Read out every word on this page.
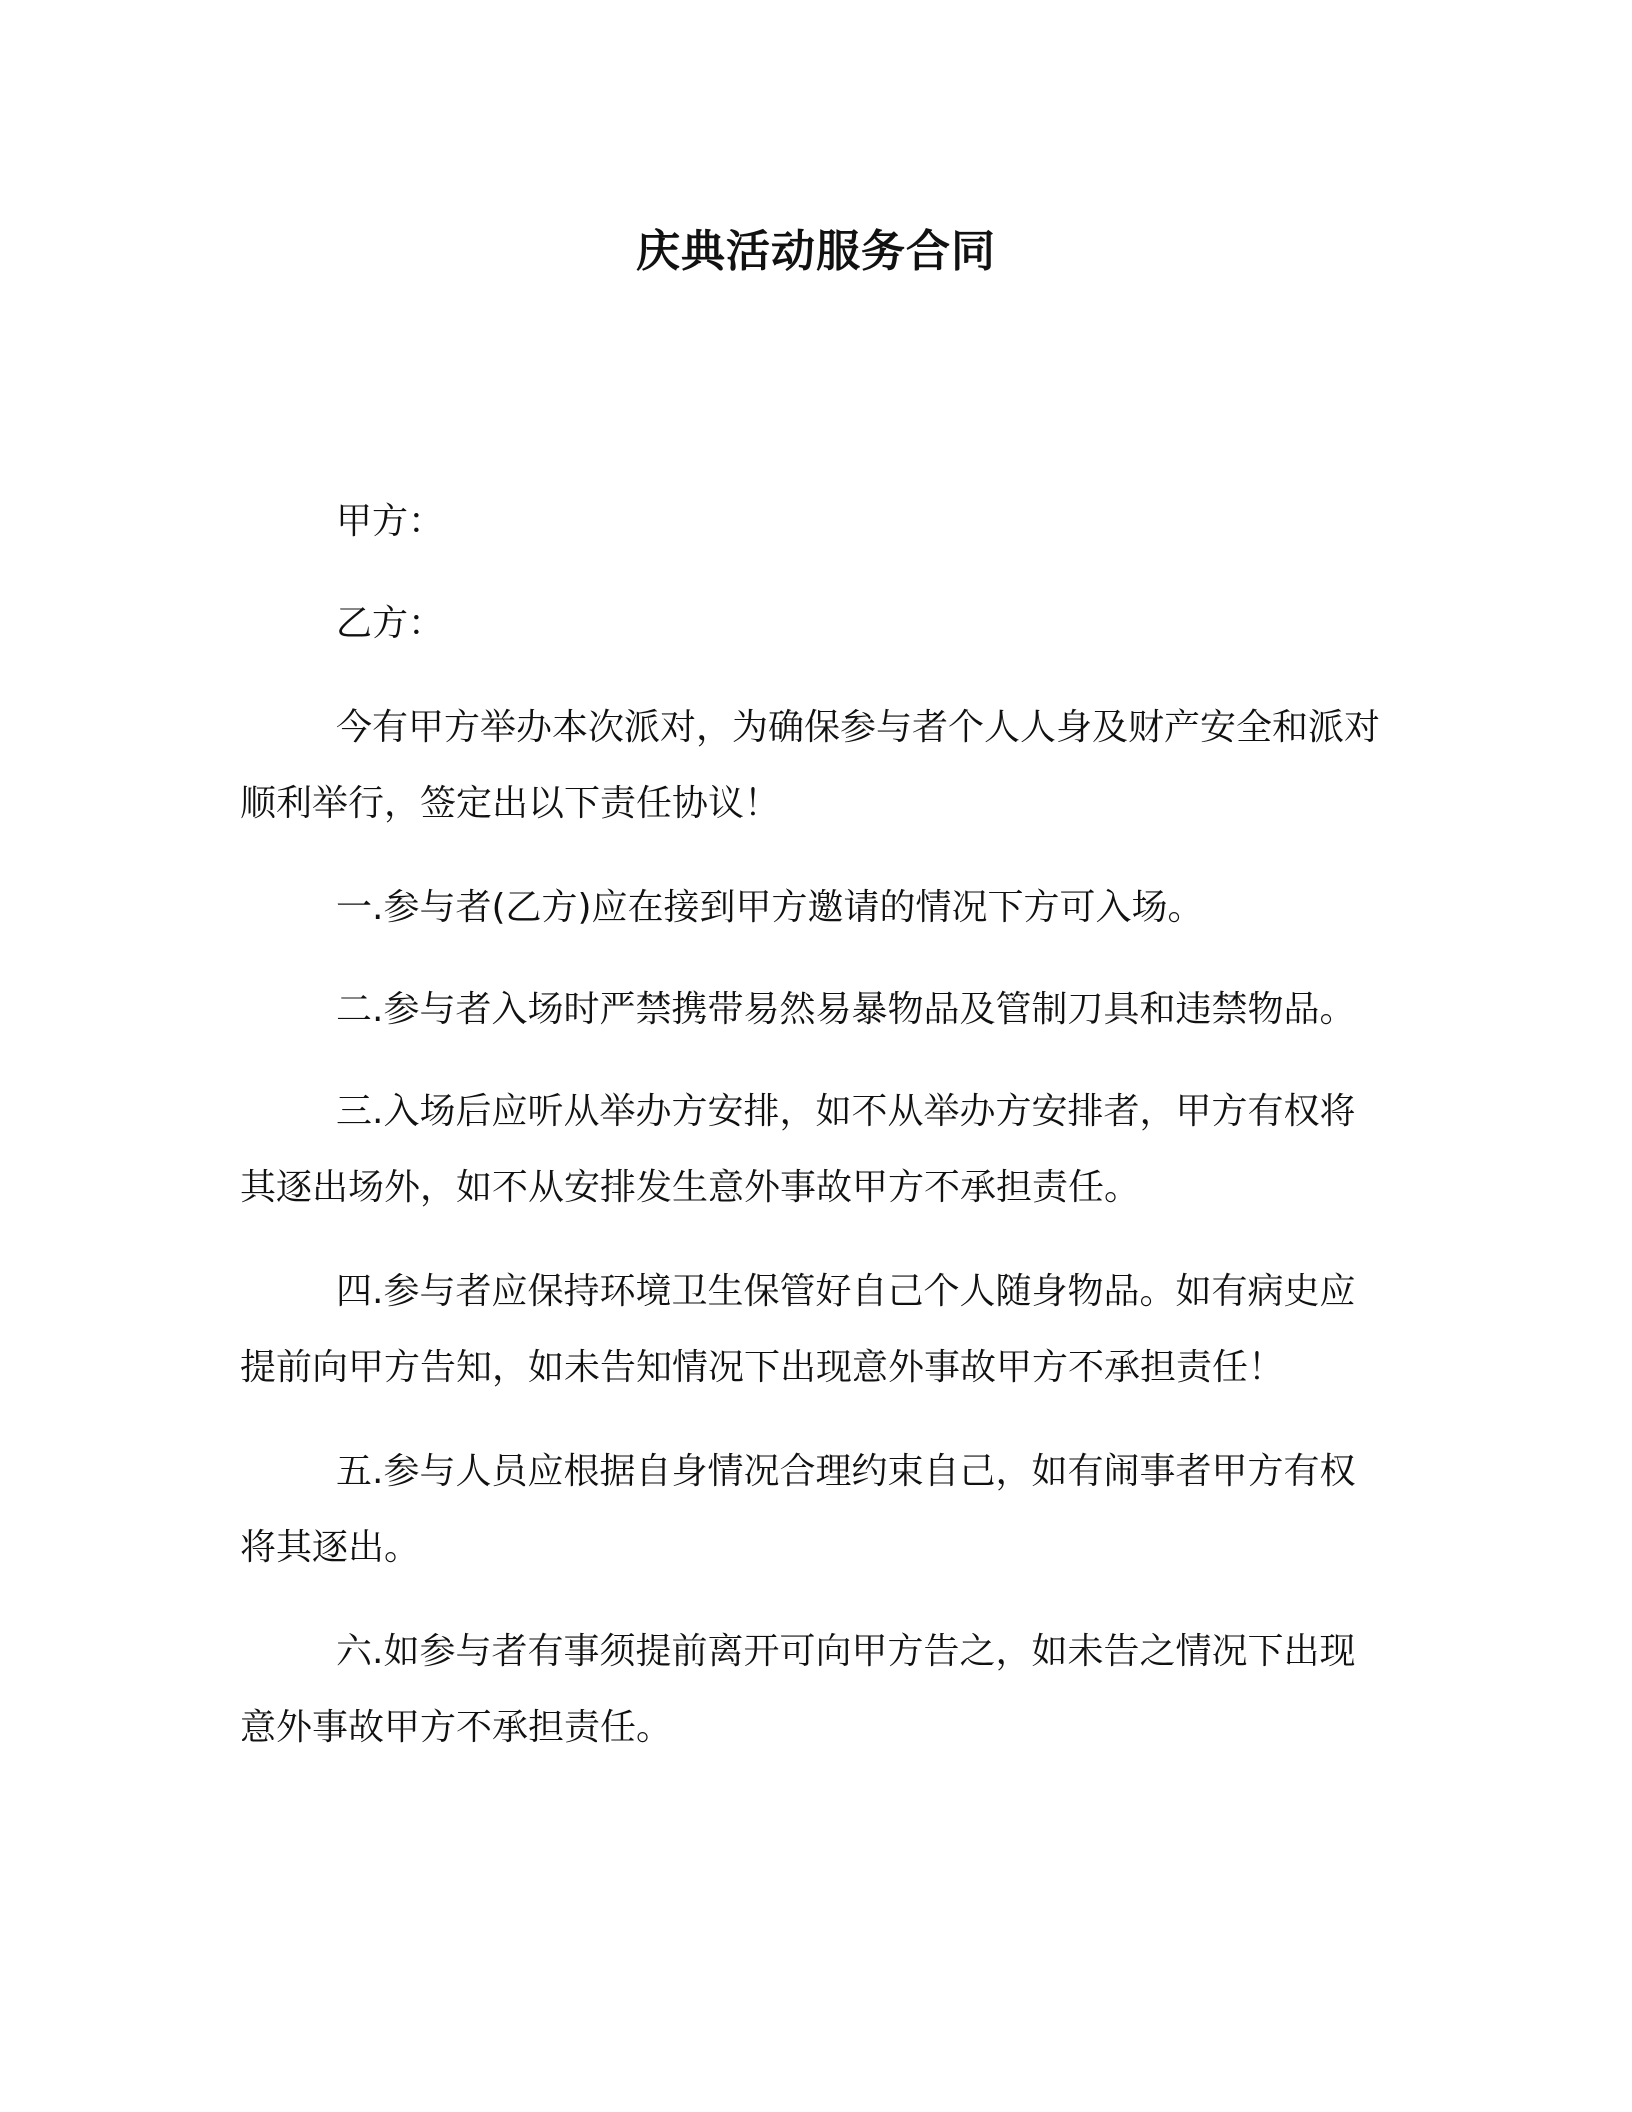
庆典活动服务合同

甲方：

乙方：

今有甲方举办本次派对，为确保参与者个人人身及财产安全和派对顺利举行，签定出以下责任协议！

一.参与者(乙方)应在接到甲方邀请的情况下方可入场。

二.参与者入场时严禁携带易然易暴物品及管制刀具和违禁物品。

三.入场后应听从举办方安排，如不从举办方安排者，甲方有权将其逐出场外，如不从安排发生意外事故甲方不承担责任。

四.参与者应保持环境卫生保管好自己个人随身物品。如有病史应提前向甲方告知，如未告知情况下出现意外事故甲方不承担责任！

五.参与人员应根据自身情况合理约束自己，如有闹事者甲方有权将其逐出。

六.如参与者有事须提前离开可向甲方告之，如未告之情况下出现意外事故甲方不承担责任。
